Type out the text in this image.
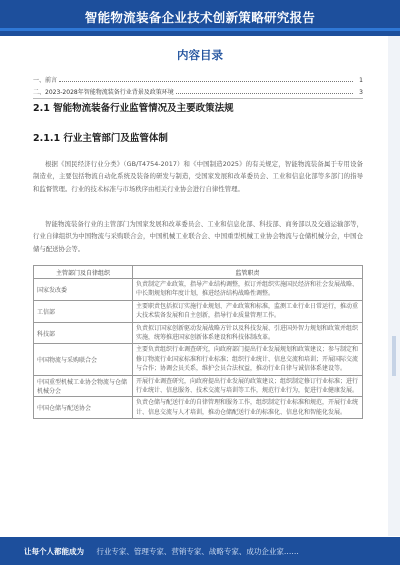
智能物流装备企业技术创新策略研究报告
内容目录
一、前言	1
二、2023-2028年智能物流装备行业背景及政策环境	3
2.1 智能物流装备行业监管情况及主要政策法规
2.1.1 行业主管部门及监管体制
根据《国民经济行业分类》（GB/T4754-2017）和《中国制造2025》的有关规定，智能物流装备属于专用设备制造业，主要包括物流自动化系统及装备的研发与制造，受国家发展和改革委员会、工业和信息化部等多部门的指导和监督管理。行业的技术标准与市场秩序由相关行业协会进行自律性管理。
智能物流装备行业的主管部门为国家发展和改革委员会、工业和信息化部、科技部、商务部以及交通运输部等，行业自律组织为中国物流与采购联合会，中国机械工业联合会、中国重型机械工业协会物流与仓储机械分会，中国仓储与配送协会等。
主管部门及自律组织	监管职责
国家发改委	负责制定产业政策，指导产业结构调整，拟订并组织实施国民经济和社会发展战略、中长期规划和年度计划，推进经济结构战略性调整。
工信部	主要职责包括拟订实施行业规划、产业政策和标准，监测工业行业日常运行，推动重大技术装备发展和自主创新，指导行业质量管理工作。
科技部	负责拟订国家创新驱动发展战略方针以及科技发展、引进国外智力规划和政策并组织实施，统筹推进国家创新体系建设和科技体制改革。
中国物流与采购联合会	主要负责组织行业调查研究，向政府部门提出行业发展规划和政策建议；参与制定和修订物流行业国家标准和行业标准；组织行业统计、信息交流和培训；开展国际交流与合作；协调会员关系，维护会员合法权益，推动行业自律与诚信体系建设等。
中国重型机械工业协会物流与仓储机械分会	开展行业调查研究，向政府提出行业发展的政策建议；组织制定修订行业标准；进行行业统计、信息服务、技术交流与培训等工作，规范行业行为，促进行业健康发展。
中国仓储与配送协会	负责仓储与配送行业的自律管理和服务工作，组织制定行业标准和规范，开展行业统计、信息交流与人才培训，推动仓储配送行业的标准化、信息化和智能化发展。
让每个人都能成为 行业专家、管理专家、营销专家、战略专家、成功企业家……
